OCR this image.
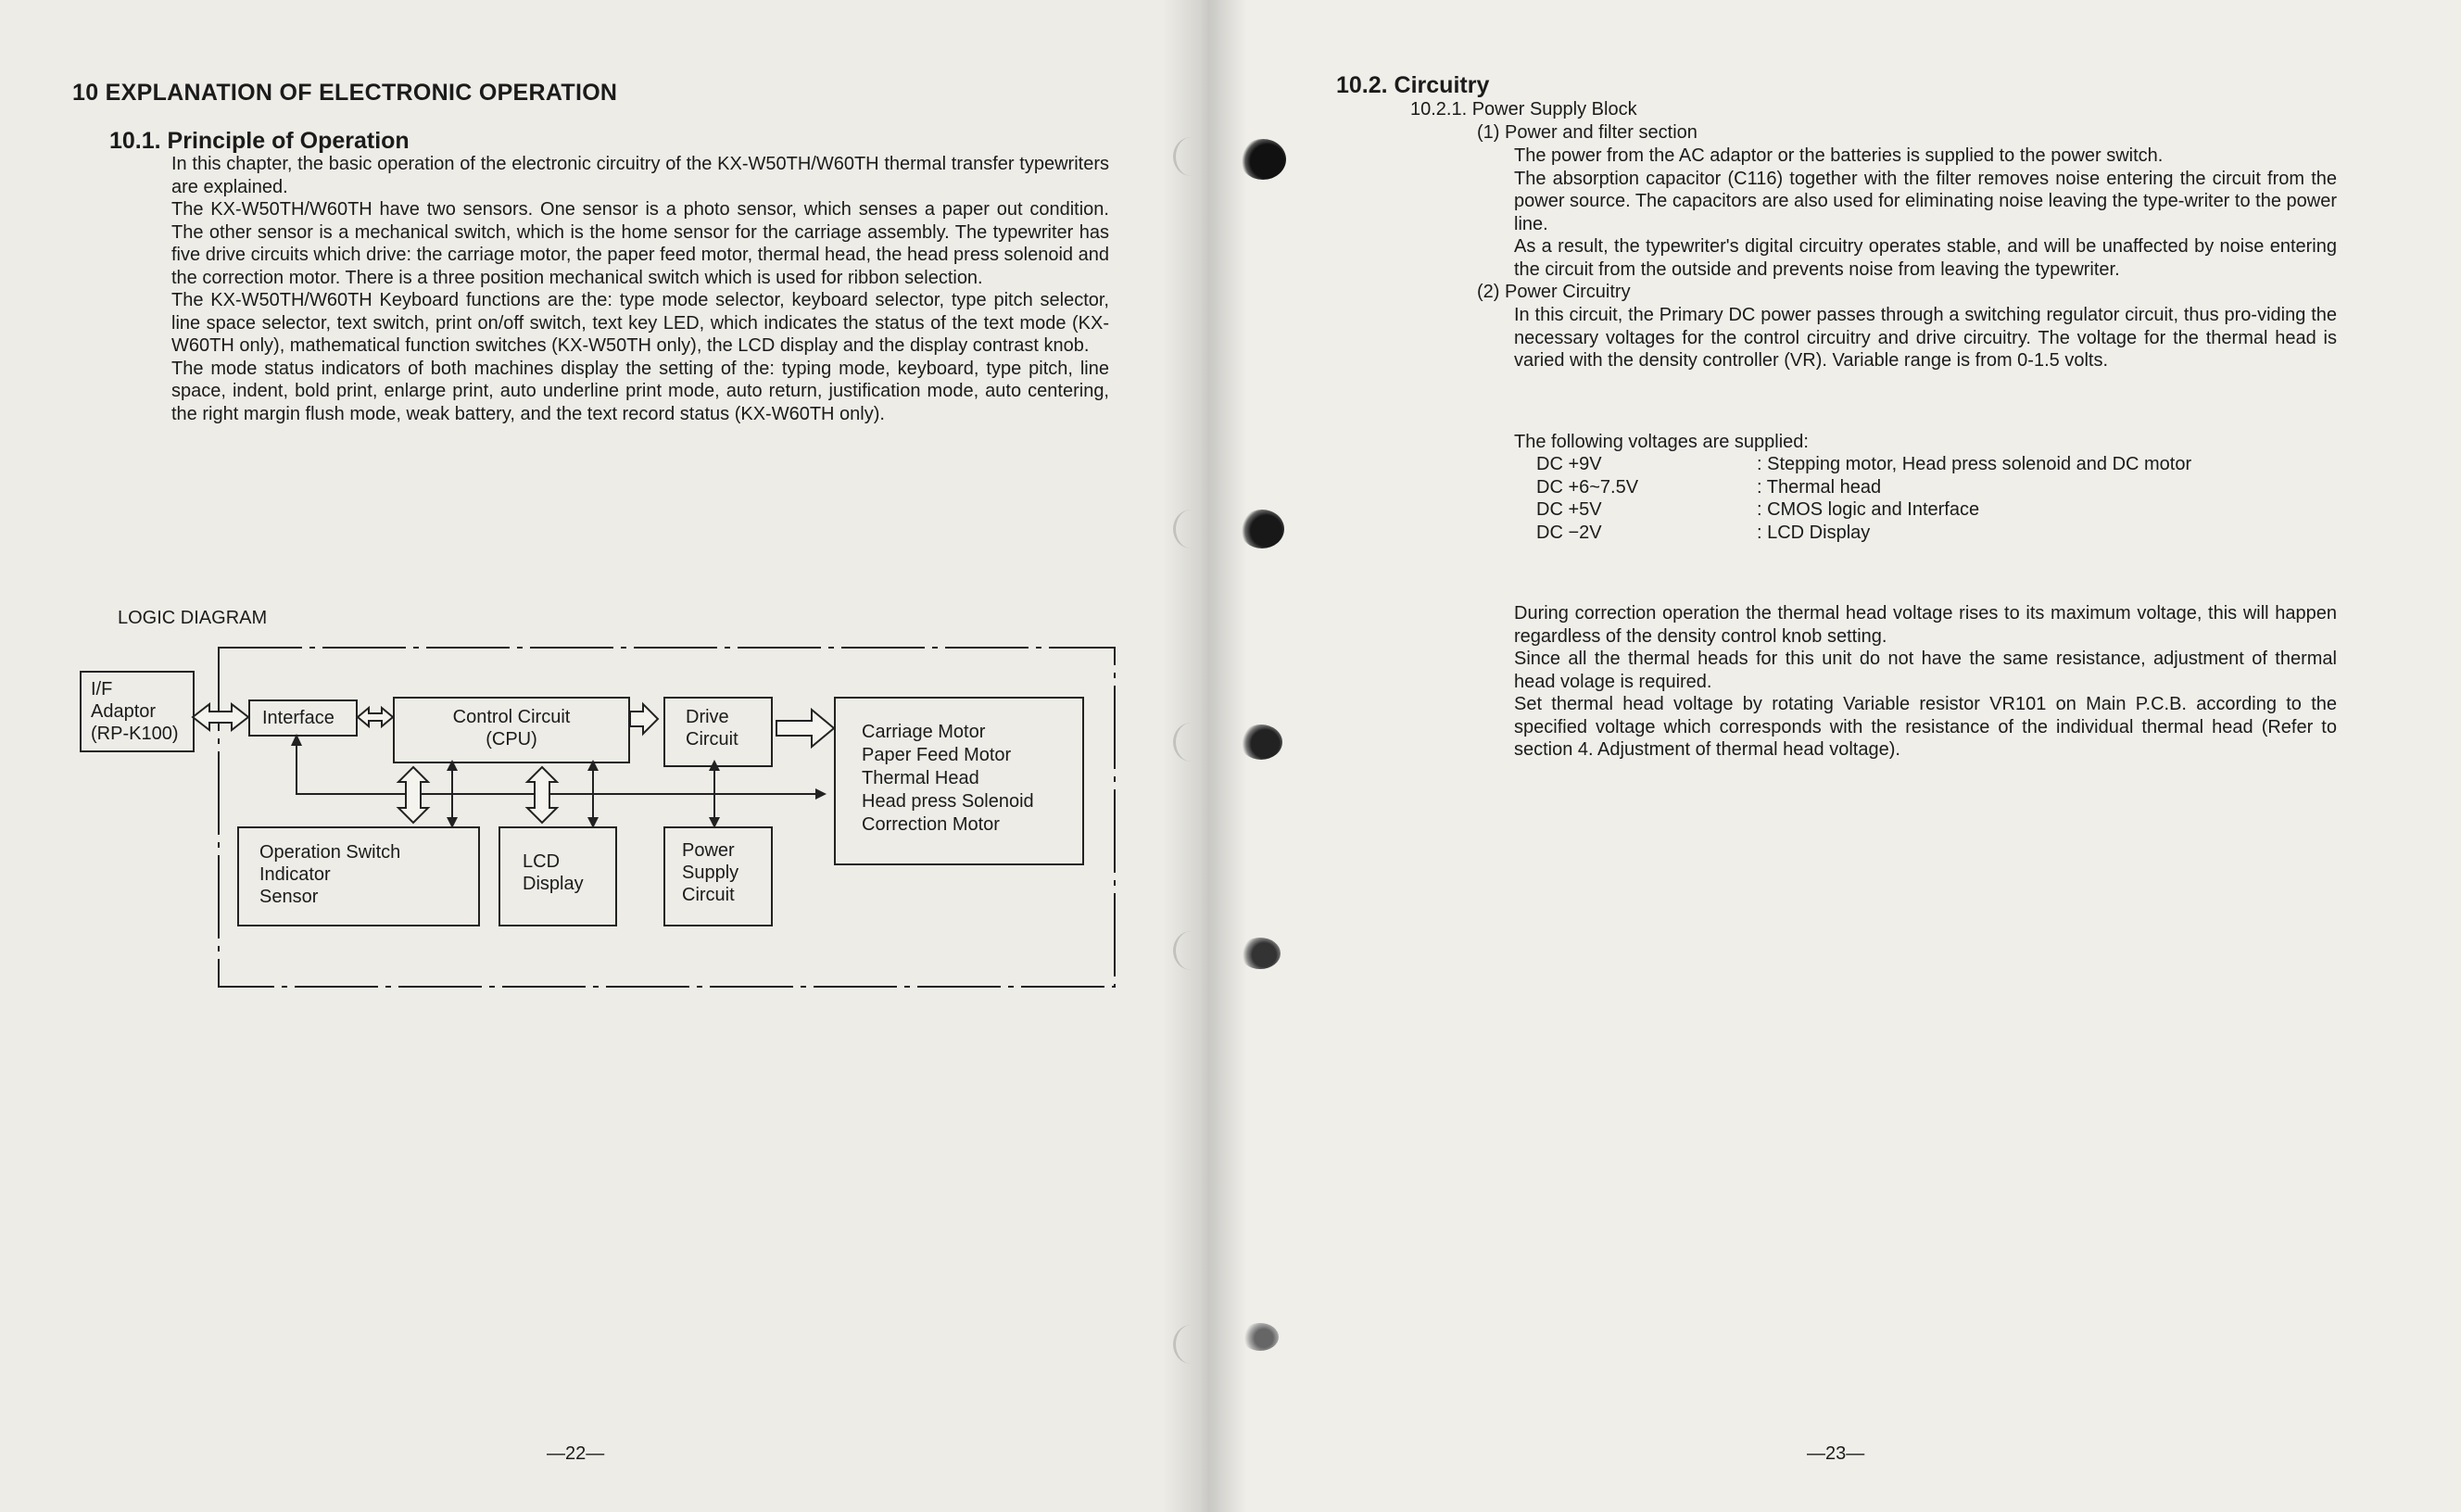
10 EXPLANATION OF ELECTRONIC OPERATION
10.1. Principle of Operation
In this chapter, the basic operation of the electronic circuitry of the KX-W50TH/W60TH thermal transfer typewriters are explained.
The KX-W50TH/W60TH have two sensors. One sensor is a photo sensor, which senses a paper out condition. The other sensor is a mechanical switch, which is the home sensor for the carriage assembly. The typewriter has five drive circuits which drive: the carriage motor, the paper feed motor, thermal head, the head press solenoid and the correction motor. There is a three position mechanical switch which is used for ribbon selection.
The KX-W50TH/W60TH Keyboard functions are the: type mode selector, keyboard selector, type pitch selector, line space selector, text switch, print on/off switch, text key LED, which indicates the status of the text mode (KX-W60TH only), mathematical function switches (KX-W50TH only), the LCD display and the display contrast knob.
The mode status indicators of both machines display the setting of the: typing mode, keyboard, type pitch, line space, indent, bold print, enlarge print, auto underline print mode, auto return, justification mode, auto centering, the right margin flush mode, weak battery, and the text record status (KX-W60TH only).
LOGIC DIAGRAM
I/F
Adaptor
(RP-K100)
Interface	Control Circuit
(CPU)
Drive
Circuit	Carriage Motor
Paper Feed Motor
Thermal Head
Head press Solenoid
Correction Motor
Operation Switch
Indicator
Sensor
LCD
Display
Power
Supply
Circuit
—22—
10.2. Circuitry
10.2.1. Power Supply Block
(1) Power and filter section
The power from the AC adaptor or the batteries is supplied to the power switch.
The absorption capacitor (C116) together with the filter removes noise entering the circuit from the power source. The capacitors are also used for eliminating noise leaving the type-writer to the power line.
As a result, the typewriter's digital circuitry operates stable, and will be unaffected by noise entering the circuit from the outside and prevents noise from leaving the typewriter.
(2) Power Circuitry
In this circuit, the Primary DC power passes through a switching regulator circuit, thus pro-viding the necessary voltages for the control circuitry and drive circuitry. The voltage for the thermal head is varied with the density controller (VR). Variable range is from 0-1.5 volts.
The following voltages are supplied:
DC +9V	: Stepping motor, Head press solenoid and DC motor
DC +6~7.5V	: Thermal head
DC +5V	: CMOS logic and Interface
DC −2V	: LCD Display
During correction operation the thermal head voltage rises to its maximum voltage, this will happen regardless of the density control knob setting.
Since all the thermal heads for this unit do not have the same resistance, adjustment of thermal head volage is required.
Set thermal head voltage by rotating Variable resistor VR101 on Main P.C.B. according to the specified voltage which corresponds with the resistance of the individual thermal head (Refer to section 4. Adjustment of thermal head voltage).
—23—
